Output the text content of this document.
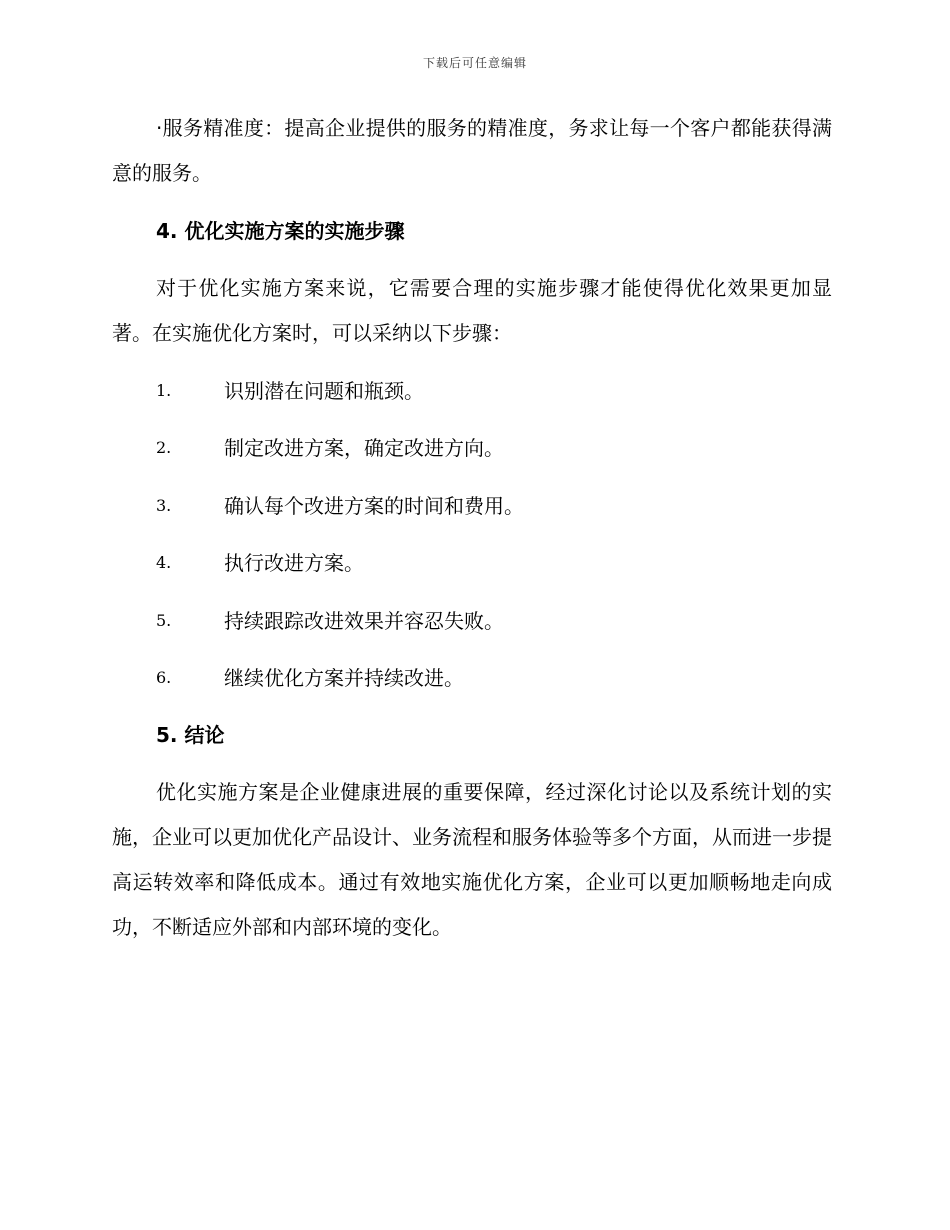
下载后可任意编辑

·服务精准度：提高企业提供的服务的精准度，务求让每一个客户都能获得满意的服务。

4. 优化实施方案的实施步骤

对于优化实施方案来说，它需要合理的实施步骤才能使得优化效果更加显著。在实施优化方案时，可以采纳以下步骤：

1.	识别潜在问题和瓶颈。
2.	制定改进方案，确定改进方向。
3.	确认每个改进方案的时间和费用。
4.	执行改进方案。
5.	持续跟踪改进效果并容忍失败。
6.	继续优化方案并持续改进。
5. 结论

优化实施方案是企业健康进展的重要保障，经过深化讨论以及系统计划的实施，企业可以更加优化产品设计、业务流程和服务体验等多个方面，从而进一步提高运转效率和降低成本。通过有效地实施优化方案，企业可以更加顺畅地走向成功，不断适应外部和内部环境的变化。
